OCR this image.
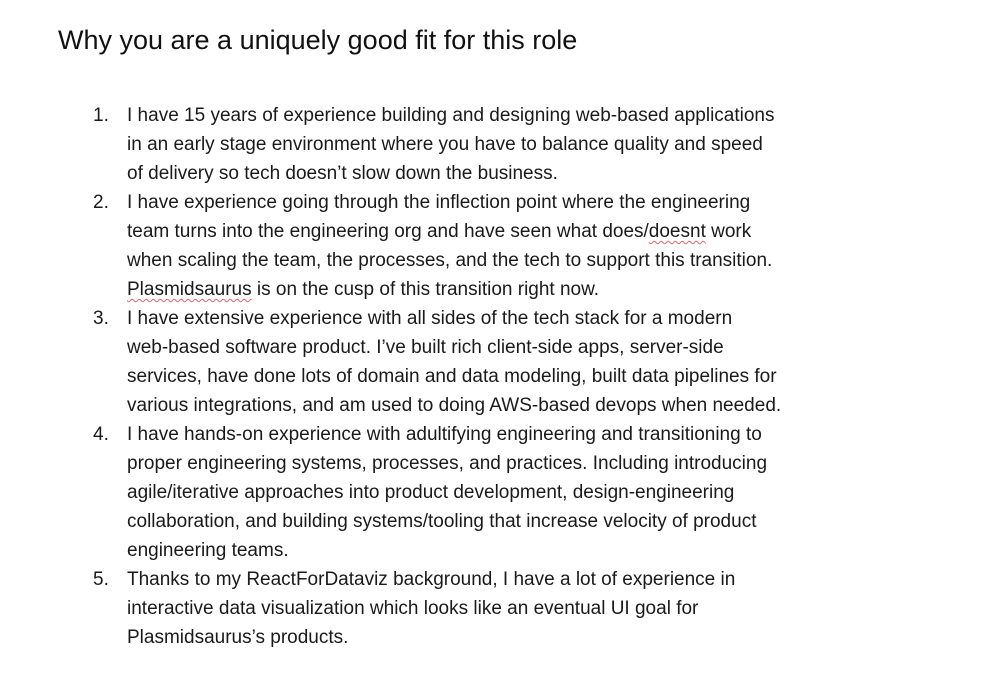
Why you are a uniquely good fit for this role
1. I have 15 years of experience building and designing web-based applications
in an early stage environment where you have to balance quality and speed
of delivery so tech doesn’t slow down the business.
2. I have experience going through the inflection point where the engineering
team turns into the engineering org and have seen what does/doesnt work
when scaling the team, the processes, and the tech to support this transition.
Plasmidsaurus is on the cusp of this transition right now.
3. I have extensive experience with all sides of the tech stack for a modern
web-based software product. I’ve built rich client-side apps, server-side
services, have done lots of domain and data modeling, built data pipelines for
various integrations, and am used to doing AWS-based devops when needed.
4. I have hands-on experience with adultifying engineering and transitioning to
proper engineering systems, processes, and practices. Including introducing
agile/iterative approaches into product development, design-engineering
collaboration, and building systems/tooling that increase velocity of product
engineering teams.
5. Thanks to my ReactForDataviz background, I have a lot of experience in
interactive data visualization which looks like an eventual UI goal for
Plasmidsaurus’s products.
